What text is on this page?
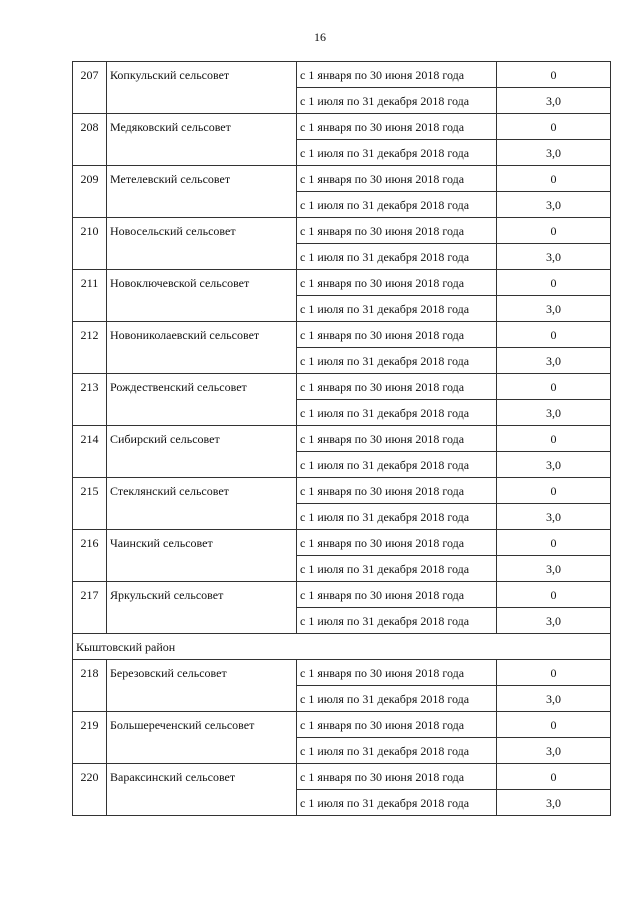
16
207	Копкульский сельсовет	с 1 января по 30 июня 2018 года	0
		с 1 июля по 31 декабря 2018 года	3,0
208	Медяковский сельсовет	с 1 января по 30 июня 2018 года	0
		с 1 июля по 31 декабря 2018 года	3,0
209	Метелевский сельсовет	с 1 января по 30 июня 2018 года	0
		с 1 июля по 31 декабря 2018 года	3,0
210	Новосельский сельсовет	с 1 января по 30 июня 2018 года	0
		с 1 июля по 31 декабря 2018 года	3,0
211	Новоключевской сельсовет	с 1 января по 30 июня 2018 года	0
		с 1 июля по 31 декабря 2018 года	3,0
212	Новониколаевский сельсовет	с 1 января по 30 июня 2018 года	0
		с 1 июля по 31 декабря 2018 года	3,0
213	Рождественский сельсовет	с 1 января по 30 июня 2018 года	0
		с 1 июля по 31 декабря 2018 года	3,0
214	Сибирский сельсовет	с 1 января по 30 июня 2018 года	0
		с 1 июля по 31 декабря 2018 года	3,0
215	Стеклянский сельсовет	с 1 января по 30 июня 2018 года	0
		с 1 июля по 31 декабря 2018 года	3,0
216	Чаинский сельсовет	с 1 января по 30 июня 2018 года	0
		с 1 июля по 31 декабря 2018 года	3,0
217	Яркульский сельсовет	с 1 января по 30 июня 2018 года	0
		с 1 июля по 31 декабря 2018 года	3,0
Кыштовский район			
218	Березовский сельсовет	с 1 января по 30 июня 2018 года	0
		с 1 июля по 31 декабря 2018 года	3,0
219	Большереченский сельсовет	с 1 января по 30 июня 2018 года	0
		с 1 июля по 31 декабря 2018 года	3,0
220	Вараксинский сельсовет	с 1 января по 30 июня 2018 года	0
		с 1 июля по 31 декабря 2018 года	3,0
